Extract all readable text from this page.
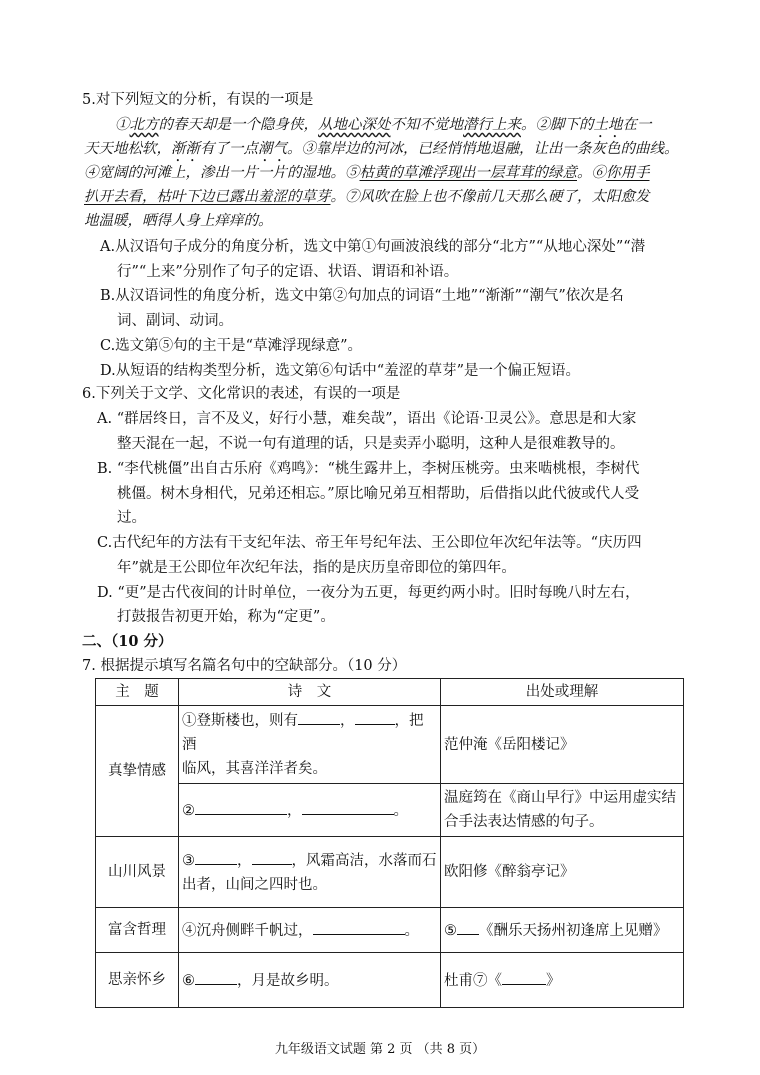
5.对下列短文的分析，有误的一项是
①北方的春天却是一个隐身侠，从地心深处不知不觉地潜行上来。②脚下的土地在一
天天地松软，渐渐有了一点潮气。③靠岸边的河冰，已经悄悄地退融，让出一条灰色的曲线。
④宽阔的河滩上，渗出一片一片的湿地。⑤枯黄的草滩浮现出一层茸茸的绿意。⑥你用手
扒开去看，枯叶下边已露出羞涩的草芽。⑦风吹在脸上也不像前几天那么硬了，太阳愈发
地温暖，晒得人身上痒痒的。
A.从汉语句子成分的角度分析，选文中第①句画波浪线的部分“北方”“从地心深处”“潜
行”“上来”分别作了句子的定语、状语、谓语和补语。
B.从汉语词性的角度分析，选文中第②句加点的词语“土地”“渐渐”“潮气”依次是名
词、副词、动词。
C.选文第⑤句的主干是“草滩浮现绿意”。
D.从短语的结构类型分析，选文第⑥句话中“羞涩的草芽”是一个偏正短语。
6.下列关于文学、文化常识的表述，有误的一项是
A. “群居终日，言不及义，好行小慧，难矣哉”，语出《论语·卫灵公》。意思是和大家
整天混在一起，不说一句有道理的话，只是卖弄小聪明，这种人是很难教导的。
B. “李代桃僵”出自古乐府《鸡鸣》：“桃生露井上，李树压桃旁。虫来啮桃根，李树代
桃僵。树木身相代，兄弟还相忘。”原比喻兄弟互相帮助，后借指以此代彼或代人受
过。
C.古代纪年的方法有干支纪年法、帝王年号纪年法、王公即位年次纪年法等。“庆历四
年”就是王公即位年次纪年法，指的是庆历皇帝即位的第四年。
D. “更”是古代夜间的计时单位，一夜分为五更，每更约两小时。旧时每晚八时左右，
打鼓报告初更开始，称为“定更”。
二、（10 分）
7. 根据提示填写名篇名句中的空缺部分。（10 分）
主　题	诗　文	出处或理解
真挚情感	①登斯楼也，则有 ， ，把酒
临风，其喜洋洋者矣。	范仲淹《岳阳楼记》
	② ， 。	温庭筠在《商山早行》中运用虚实结合手法表达情感的句子。
山川风景	③ ， ，风霜高洁，水落而石
出者，山间之四时也。	欧阳修《醉翁亭记》
富含哲理	④沉舟侧畔千帆过， 。	⑤ 《酬乐天扬州初逢席上见赠》
思亲怀乡	⑥ ，月是故乡明。	杜甫⑦《 》
九年级语文试题 第 2 页 （共 8 页）
